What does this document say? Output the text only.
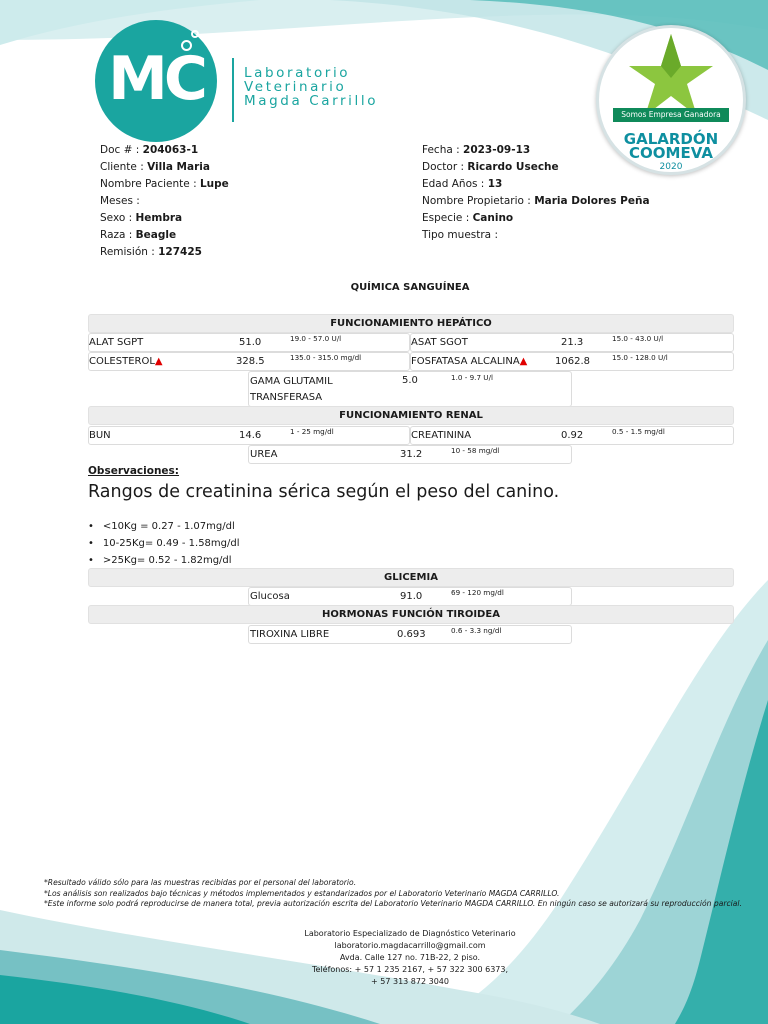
MC	Laboratorio
Veterinario
Magda Carrillo
Somos Empresa Ganadora
GALARDÓN
COOMEVA
2020
Doc # : 204063-1
Cliente : Villa Maria
Nombre Paciente : Lupe
Meses :
Sexo : Hembra
Raza : Beagle
Remisión : 127425
Fecha : 2023-09-13
Doctor : Ricardo Useche
Edad Años : 13
Nombre Propietario : Maria Dolores Peña
Especie : Canino
Tipo muestra :
QUÍMICA SANGUÍNEA
FUNCIONAMIENTO HEPÁTICO
ALAT SGPT	51.0	19.0 - 57.0 U/l	ASAT SGOT	21.3	15.0 - 43.0 U/l
COLESTEROL▲	328.5	135.0 - 315.0 mg/dl	FOSFATASA ALCALINA▲	1062.8	15.0 - 128.0 U/l
GAMA GLUTAMIL
TRANSFERASA
5.0	1.0 - 9.7 U/l
FUNCIONAMIENTO RENAL
BUN	14.6	1 - 25 mg/dl	CREATININA	0.92	0.5 - 1.5 mg/dl
UREA	31.2	10 - 58 mg/dl
Observaciones:
Rangos de creatinina sérica según el peso del canino.
• <10Kg = 0.27 - 1.07mg/dl
• 10-25Kg= 0.49 - 1.58mg/dl
• >25Kg= 0.52 - 1.82mg/dl
GLICEMIA
Glucosa	91.0	69 - 120 mg/dl
HORMONAS FUNCIÓN TIROIDEA
TIROXINA LIBRE	0.693	0.6 - 3.3 ng/dl
*Resultado válido sólo para las muestras recibidas por el personal del laboratorio.
*Los análisis son realizados bajo técnicas y métodos implementados y estandarizados por el Laboratorio Veterinario MAGDA CARRILLO.
*Este informe solo podrá reproducirse de manera total, previa autorización escrita del Laboratorio Veterinario MAGDA CARRILLO. En ningún caso se autorizará su reproducción parcial.
Laboratorio Especializado de Diagnóstico Veterinario
laboratorio.magdacarrillo@gmail.com
Avda. Calle 127 no. 71B-22, 2 piso.
Teléfonos: + 57 1 235 2167, + 57 322 300 6373,
+ 57 313 872 3040
